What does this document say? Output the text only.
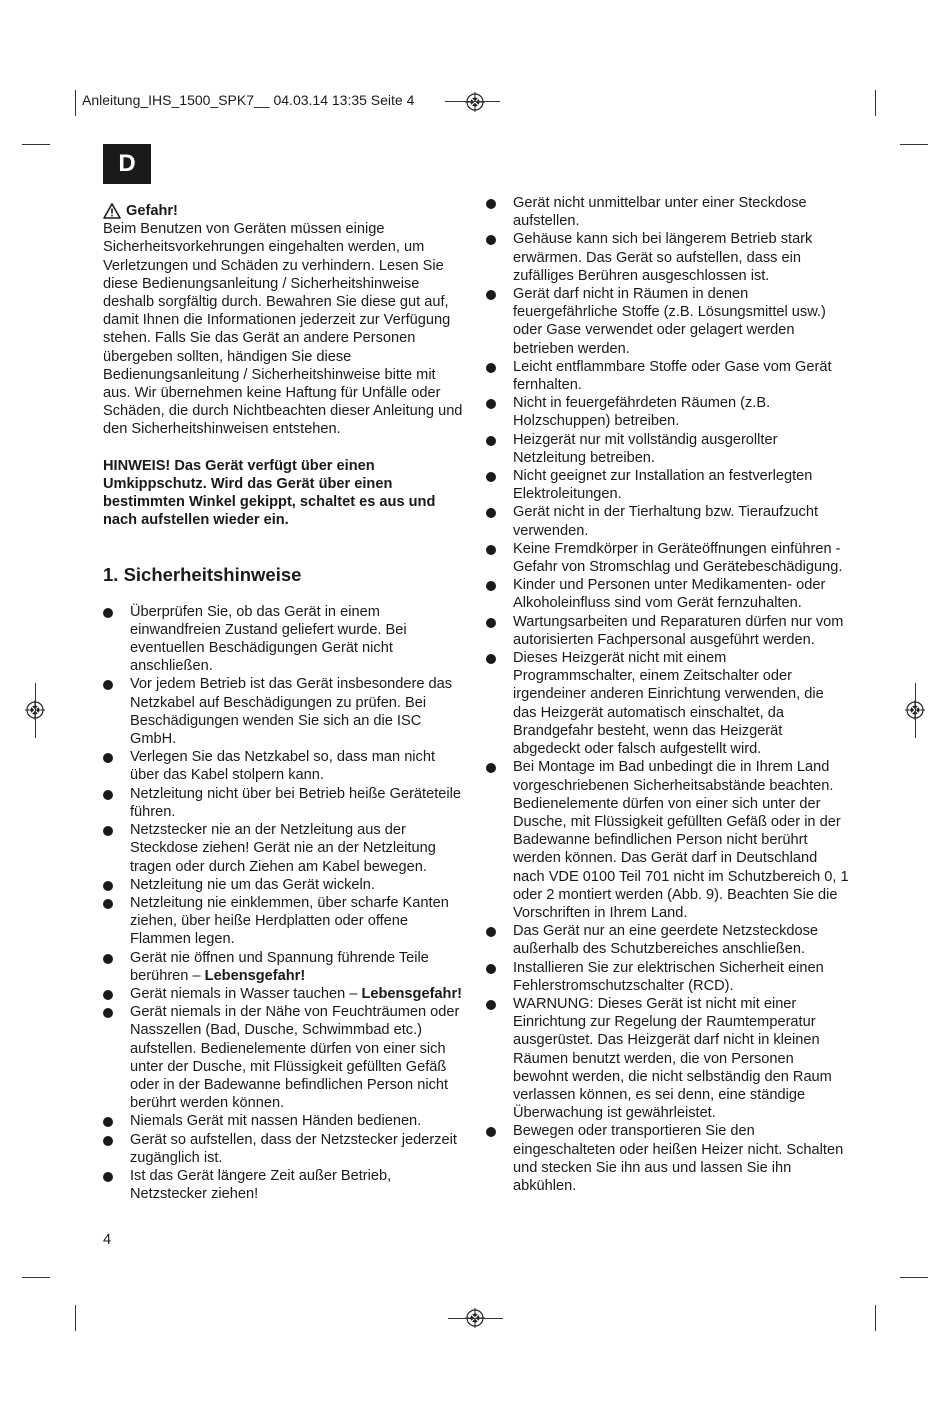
Anleitung_IHS_1500_SPK7__ 04.03.14 13:35 Seite 4
D
Gefahr!

Beim Benutzen von Geräten müssen einige Sicherheitsvorkehrungen eingehalten werden, um Verletzungen und Schäden zu verhindern. Lesen Sie diese Bedienungsanleitung / Sicherheitshinweise deshalb sorgfältig durch. Bewahren Sie diese gut auf, damit Ihnen die Informationen jederzeit zur Verfügung stehen. Falls Sie das Gerät an andere Personen übergeben sollten, händigen Sie diese Bedienungsanleitung / Sicherheitshinweise bitte mit aus. Wir übernehmen keine Haftung für Unfälle oder Schäden, die durch Nichtbeachten dieser Anleitung und den Sicherheitshinweisen entstehen.

HINWEIS! Das Gerät verfügt über einen Umkippschutz. Wird das Gerät über einen bestimmten Winkel gekippt, schaltet es aus und nach aufstellen wieder ein.

1. Sicherheitshinweise
Überprüfen Sie, ob das Gerät in einem einwandfreien Zustand geliefert wurde. Bei eventuellen Beschädigungen Gerät nicht anschließen.
Vor jedem Betrieb ist das Gerät insbesondere das Netzkabel auf Beschädigungen zu prüfen. Bei Beschädigungen wenden Sie sich an die ISC GmbH.
Verlegen Sie das Netzkabel so, dass man nicht über das Kabel stolpern kann.
Netzleitung nicht über bei Betrieb heiße Geräteteile führen.
Netzstecker nie an der Netzleitung aus der Steckdose ziehen! Gerät nie an der Netzleitung tragen oder durch Ziehen am Kabel bewegen.
Netzleitung nie um das Gerät wickeln.
Netzleitung nie einklemmen, über scharfe Kanten ziehen, über heiße Herdplatten oder offene Flammen legen.
Gerät nie öffnen und Spannung führende Teile berühren – Lebensgefahr!
Gerät niemals in Wasser tauchen – Lebensgefahr!
Gerät niemals in der Nähe von Feuchträumen oder Nasszellen (Bad, Dusche, Schwimmbad etc.) aufstellen. Bedienelemente dürfen von einer sich unter der Dusche, mit Flüssigkeit gefüllten Gefäß oder in der Badewanne befindlichen Person nicht berührt werden können.
Niemals Gerät mit nassen Händen bedienen.
Gerät so aufstellen, dass der Netzstecker jederzeit zugänglich ist.
Ist das Gerät längere Zeit außer Betrieb, Netzstecker ziehen!
Gerät nicht unmittelbar unter einer Steckdose aufstellen.
Gehäuse kann sich bei längerem Betrieb stark erwärmen. Das Gerät so aufstellen, dass ein zufälliges Berühren ausgeschlossen ist.
Gerät darf nicht in Räumen in denen feuergefährliche Stoffe (z.B. Lösungsmittel usw.) oder Gase verwendet oder gelagert werden betrieben werden.
Leicht entflammbare Stoffe oder Gase vom Gerät fernhalten.
Nicht in feuergefährdeten Räumen (z.B. Holzschuppen) betreiben.
Heizgerät nur mit vollständig ausgerollter Netzleitung betreiben.
Nicht geeignet zur Installation an festverlegten Elektroleitungen.
Gerät nicht in der Tierhaltung bzw. Tieraufzucht verwenden.
Keine Fremdkörper in Geräteöffnungen einführen - Gefahr von Stromschlag und Gerätebeschädigung.
Kinder und Personen unter Medikamenten- oder Alkoholeinfluss sind vom Gerät fernzuhalten.
Wartungsarbeiten und Reparaturen dürfen nur vom autorisierten Fachpersonal ausgeführt werden.
Dieses Heizgerät nicht mit einem Programmschalter, einem Zeitschalter oder irgendeiner anderen Einrichtung verwenden, die das Heizgerät automatisch einschaltet, da Brandgefahr besteht, wenn das Heizgerät abgedeckt oder falsch aufgestellt wird.
Bei Montage im Bad unbedingt die in Ihrem Land vorgeschriebenen Sicherheitsabstände beachten. Bedienelemente dürfen von einer sich unter der Dusche, mit Flüssigkeit gefüllten Gefäß oder in der Badewanne befindlichen Person nicht berührt werden können. Das Gerät darf in Deutschland nach VDE 0100 Teil 701 nicht im Schutzbereich 0, 1 oder 2 montiert werden (Abb. 9). Beachten Sie die Vorschriften in Ihrem Land.
Das Gerät nur an eine geerdete Netzsteckdose außerhalb des Schutzbereiches anschließen.
Installieren Sie zur elektrischen Sicherheit einen Fehlerstromschutzschalter (RCD).
WARNUNG: Dieses Gerät ist nicht mit einer Einrichtung zur Regelung der Raumtemperatur ausgerüstet. Das Heizgerät darf nicht in kleinen Räumen benutzt werden, die von Personen bewohnt werden, die nicht selbständig den Raum verlassen können, es sei denn, eine ständige Überwachung ist gewährleistet.
Bewegen oder transportieren Sie den eingeschalteten oder heißen Heizer nicht. Schalten und stecken Sie ihn aus und lassen Sie ihn abkühlen.
4
